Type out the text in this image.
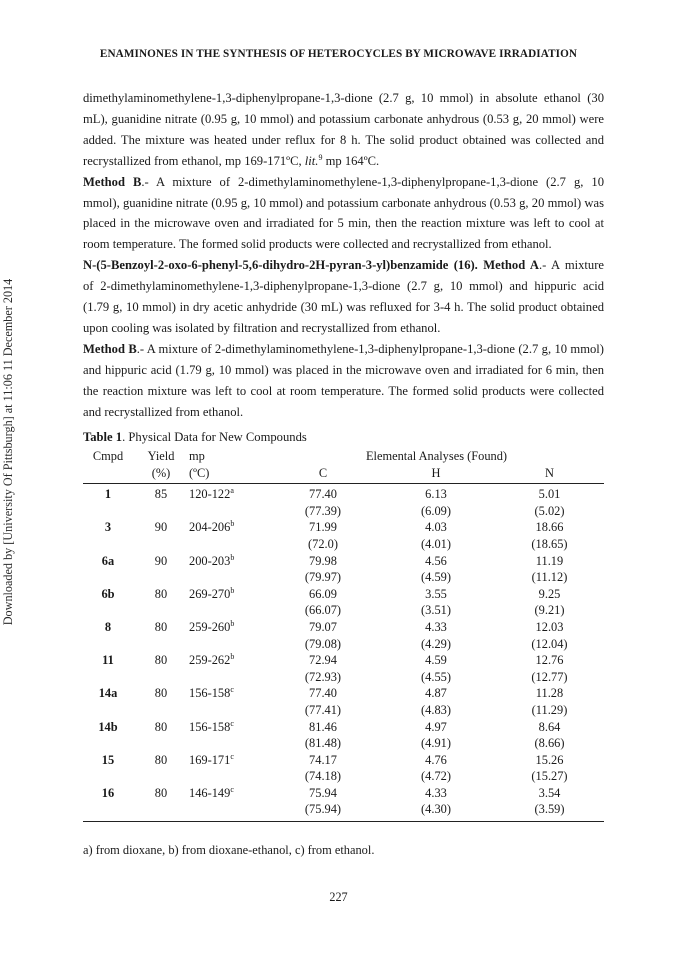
ENAMINONES IN THE SYNTHESIS OF HETEROCYCLES BY MICROWAVE IRRADIATION
Downloaded by [University Of Pittsburgh] at 11:06 11 December 2014

dimethylaminomethylene-1,3-diphenylpropane-1,3-dione (2.7 g, 10 mmol) in absolute ethanol (30 mL), guanidine nitrate (0.95 g, 10 mmol) and potassium carbonate anhydrous (0.53 g, 20 mmol) were added. The mixture was heated under reflux for 8 h. The solid product obtained was collected and recrystallized from ethanol, mp 169-171ºC, lit.$^9$ mp 164ºC.

Method B.- A mixture of 2-dimethylaminomethylene-1,3-diphenylpropane-1,3-dione (2.7 g, 10 mmol), guanidine nitrate (0.95 g, 10 mmol) and potassium carbonate anhydrous (0.53 g, 20 mmol) was placed in the microwave oven and irradiated for 5 min, then the reaction mixture was left to cool at room temperature. The formed solid products were collected and recrystallized from ethanol.

N-(5-Benzoyl-2-oxo-6-phenyl-5,6-dihydro-2H-pyran-3-yl)benzamide (16). Method A.- A mixture of 2-dimethylaminomethylene-1,3-diphenylpropane-1,3-dione (2.7 g, 10 mmol) and hippuric acid (1.79 g, 10 mmol) in dry acetic anhydride (30 mL) was refluxed for 3-4 h. The solid product obtained upon cooling was isolated by filtration and recrystallized from ethanol.

Method B.- A mixture of 2-dimethylaminomethylene-1,3-diphenylpropane-1,3-dione (2.7 g, 10 mmol) and hippuric acid (1.79 g, 10 mmol) was placed in the microwave oven and irradiated for 6 min, then the reaction mixture was left to cool at room temperature. The formed solid products were collected and recrystallized from ethanol.

Table 1. Physical Data for New Compounds
Cmpd	Yield	mp	Elemental Analyses (Found)		
	(%)	(ºC)	C	H	N
1	85	120-122$^a$	77.40	6.13	5.01
			(77.39)	(6.09)	(5.02)
3	90	204-206$^b$	71.99	4.03	18.66
			(72.0)	(4.01)	(18.65)
6a	90	200-203$^b$	79.98	4.56	11.19
			(79.97)	(4.59)	(11.12)
6b	80	269-270$^b$	66.09	3.55	9.25
			(66.07)	(3.51)	(9.21)
8	80	259-260$^b$	79.07	4.33	12.03
			(79.08)	(4.29)	(12.04)
11	80	259-262$^b$	72.94	4.59	12.76
			(72.93)	(4.55)	(12.77)
14a	80	156-158$^c$	77.40	4.87	11.28
			(77.41)	(4.83)	(11.29)
14b	80	156-158$^c$	81.46	4.97	8.64
			(81.48)	(4.91)	(8.66)
15	80	169-171$^c$	74.17	4.76	15.26
			(74.18)	(4.72)	(15.27)
16	80	146-149$^c$	75.94	4.33	3.54
			(75.94)	(4.30)	(3.59)
a) from dioxane, b) from dioxane-ethanol, c) from ethanol.
227
